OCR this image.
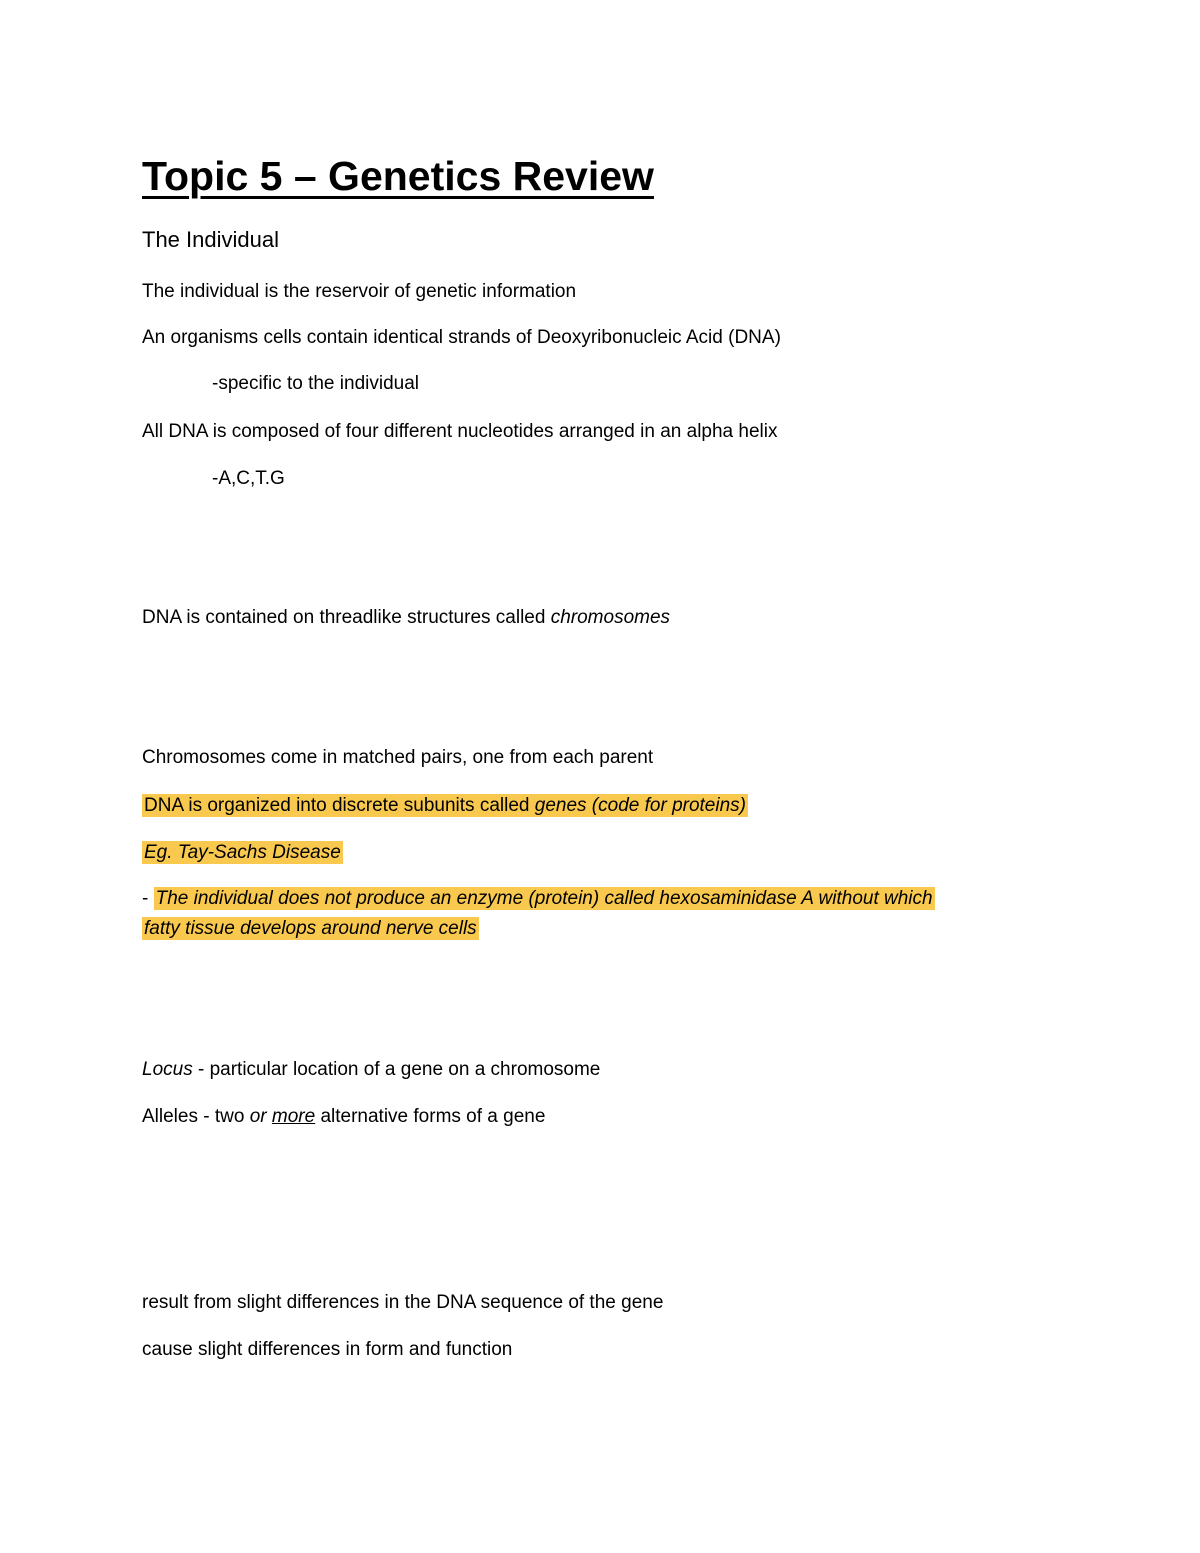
Topic 5 – Genetics Review
The Individual
The individual is the reservoir of genetic information
An organisms cells contain identical strands of Deoxyribonucleic Acid (DNA)
-specific to the individual
All DNA is composed of four different nucleotides arranged in an alpha helix
-A,C,T.G
DNA is contained on threadlike structures called chromosomes
Chromosomes come in matched pairs, one from each parent
DNA is organized into discrete subunits called genes (code for proteins)
Eg. Tay-Sachs Disease
- The individual does not produce an enzyme (protein) called hexosaminidase A without which
fatty tissue develops around nerve cells
Locus - particular location of a gene on a chromosome
Alleles - two or more alternative forms of a gene
result from slight differences in the DNA sequence of the gene
cause slight differences in form and function
